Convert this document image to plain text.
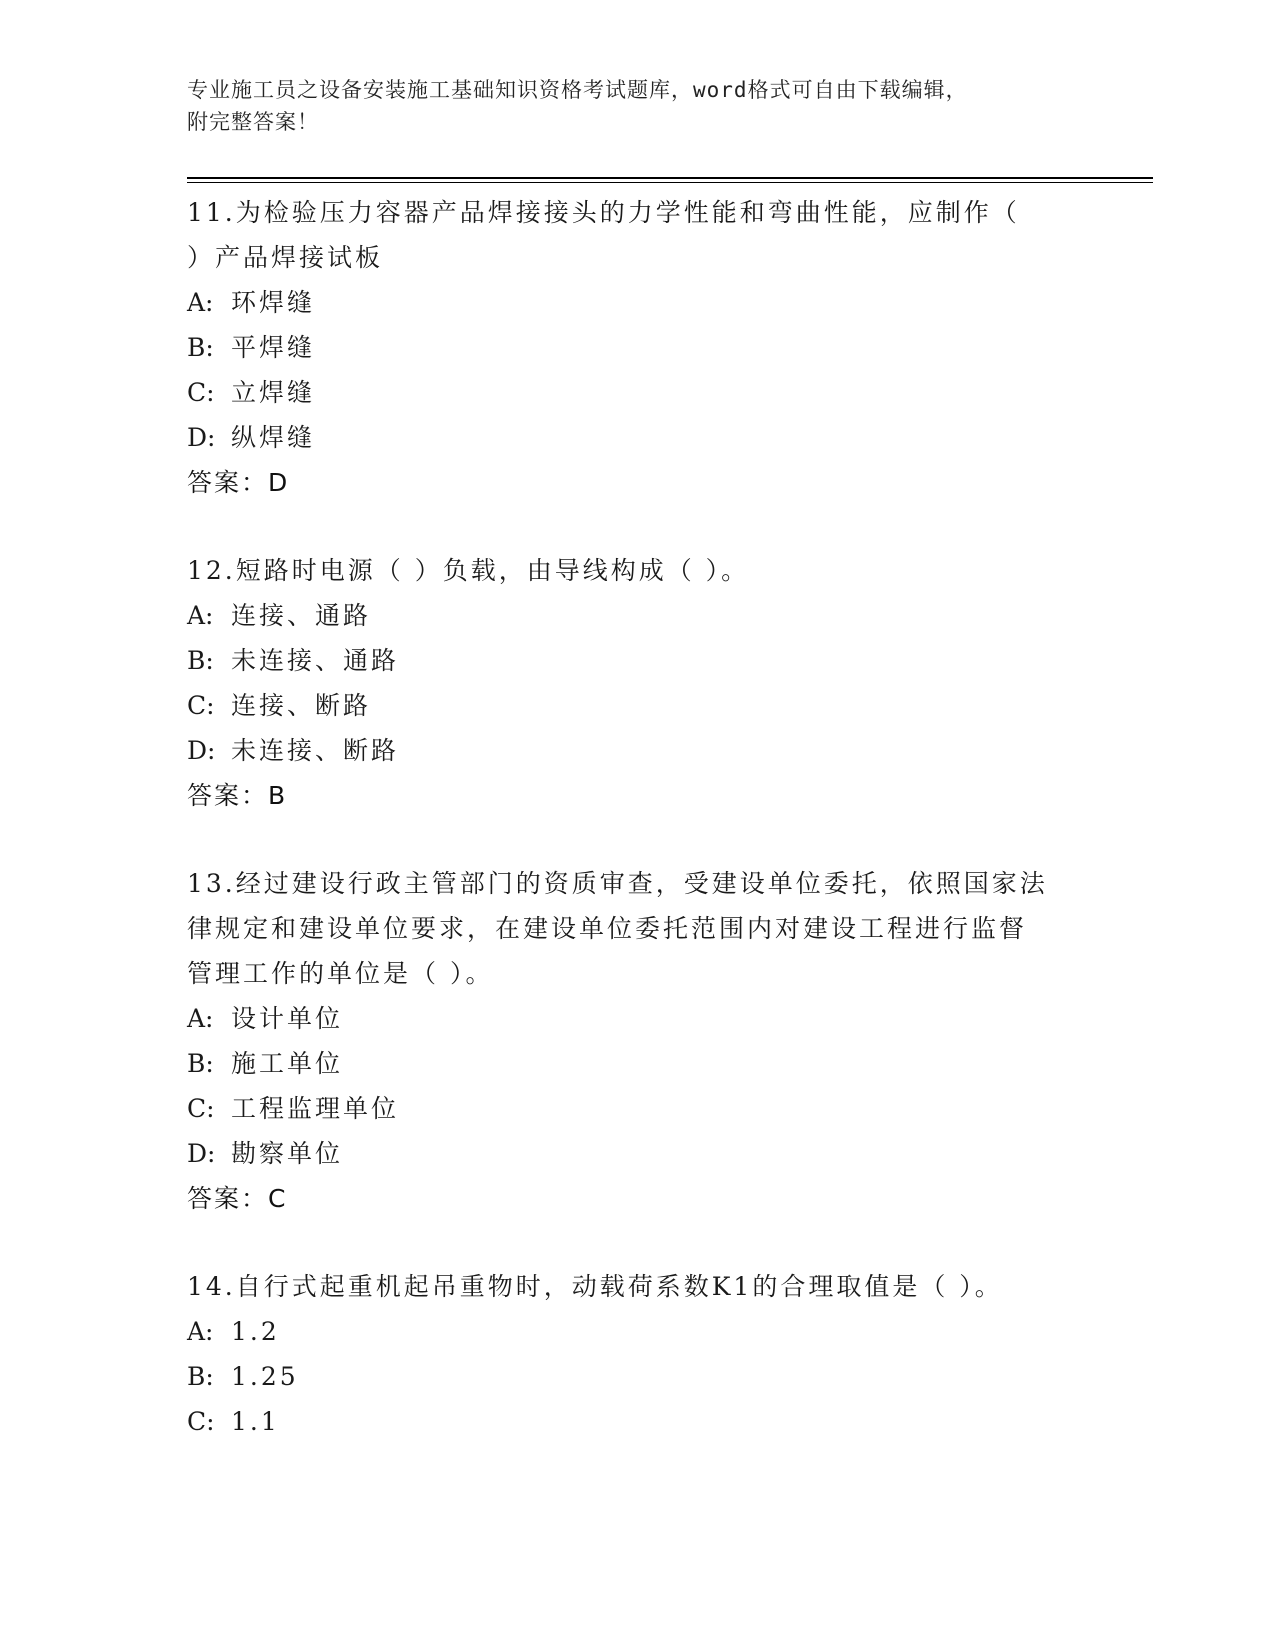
专业施工员之设备安装施工基础知识资格考试题库，word格式可自由下载编辑，
附完整答案！
11.为检验压力容器产品焊接接头的力学性能和弯曲性能，应制作（
）产品焊接试板
A: 环焊缝
B: 平焊缝
C: 立焊缝
D: 纵焊缝
答案：D
12.短路时电源（ ）负载，由导线构成（ ）。
A: 连接、通路
B: 未连接、通路
C: 连接、断路
D: 未连接、断路
答案：B
13.经过建设行政主管部门的资质审查，受建设单位委托，依照国家法
律规定和建设单位要求，在建设单位委托范围内对建设工程进行监督
管理工作的单位是（ ）。
A: 设计单位
B: 施工单位
C: 工程监理单位
D: 勘察单位
答案：C
14.自行式起重机起吊重物时，动载荷系数K1的合理取值是（ ）。
A: 1.2
B: 1.25
C: 1.1
